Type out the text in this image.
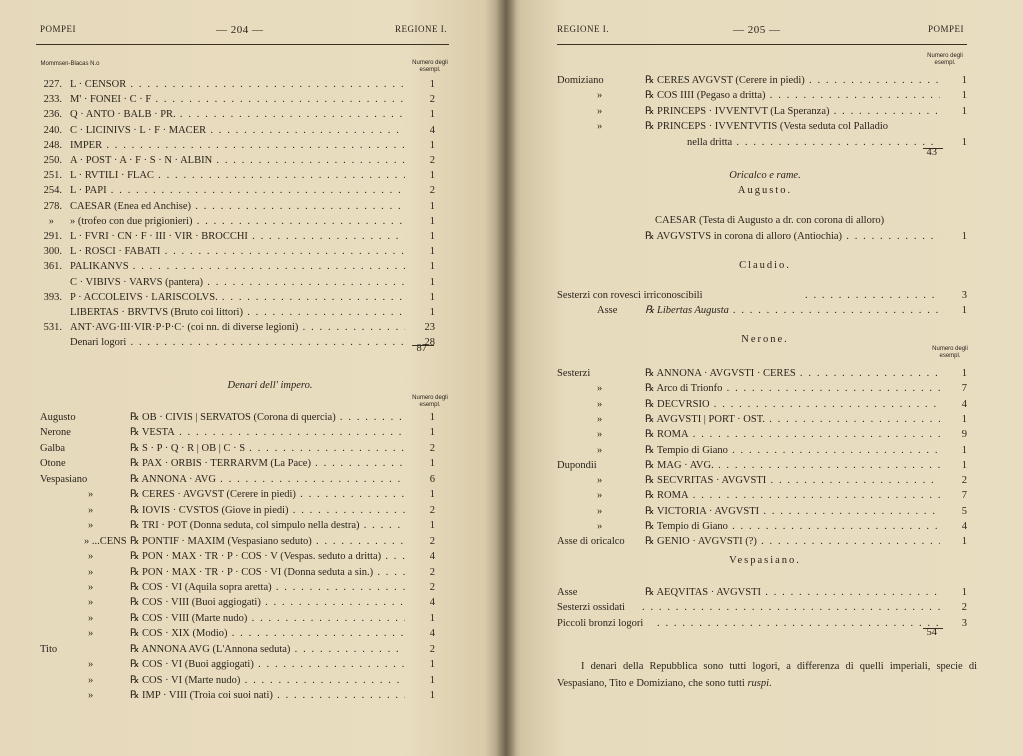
POMPEI	— 204 —	REGIONE I.
Mommsen-Blacas N.o	Numero degli esempl.
227. L · CENSOR . . .	1
233. M' · FONEI · C · F . . .	2
236. Q · ANTO · BALB · PR. . . .	1
240. C · LICINIVS · L · F · MACER . . .	4
248. IMPER . . .	1
250. A · POST · A · F · S · N · ALBIN . . .	2
251. L · RVTILI · FLAC . . .	1
254. L · PAPI . . .	2
278. CAESAR (Enea ed Anchise) . . .	1
» » (trofeo con due prigionieri) . . .	1
291. L · FVRI · CN · F · III · VIR · BROCCHI . . .	1
300. L · ROSCI · FABATI . . .	1
361. PALIKANVS . . .	1
C · VIBIVS · VARVS (pantera) . . .	1
393. P · ACCOLEIVS · LARISCOLVS. . . .	1
LIBERTAS · BRVTVS (Bruto coi littori) . . .	1
531. ANT·AVG·III·VIR·P·P·C· (coi nn. di diverse legioni) . . .	23
Denari logori . . .	28
87
Denari dell' impero.
Numero degli esempl.
Augusto	℞ OB · CIVIS | SERVATOS (Corona di quercia) . . .	1
Nerone	℞ VESTA . . .	1
Galba	℞ S · P · Q · R | OB | C · S . . .	2
Otone	℞ PAX · ORBIS · TERRARVM (La Pace) . . .	1
Vespasiano	℞ ANNONA · AVG . . .	6
»	℞ CERES · AVGVST (Cerere in piedi) . . .	1
»	℞ IOVIS · CVSTOS (Giove in piedi) . . .	2
»	℞ TRI · POT (Donna seduta, col simpulo nella destra) . . .	1
» ...CENS ℞ PONTIF · MAXIM (Vespasiano seduto) . . .	2
»	℞ PON · MAX · TR · P · COS · V (Vespas. seduto a dritta) . . .	4
»	℞ PON · MAX · TR · P · COS · VI (Donna seduta a sin.) . . .	2
»	℞ COS · VI (Aquila sopra aretta) . . .	2
»	℞ COS · VIII (Buoi aggiogati) . . .	4
»	℞ COS · VIII (Marte nudo) . . .	1
»	℞ COS · XIX (Modio) . . .	4
Tito	℞ ANNONA AVG (L'Annona seduta) . . .	2
»	℞ COS · VI (Buoi aggiogati) . . .	1
»	℞ COS · VI (Marte nudo) . . .	1
»	℞ IMP · VIII (Troia coi suoi nati) . . .	1
REGIONE I.	— 205 —	POMPEI
Numero degli esempl.
Domiziano	℞ CERES AVGVST (Cerere in piedi) . . .	1
»	℞ COS IIII (Pegaso a dritta) . . .	1
»	℞ PRINCEPS · IVVENTVT (La Speranza) . . .	1
»	℞ PRINCEPS · IVVENTVTIS (Vesta seduta col Palladio
nella dritta . . .	1
43
Oricalco e rame.
Augusto.
CAESAR (Testa di Augusto a dr. con corona di alloro)
℞ AVGVSTVS in corona di alloro (Antiochia) . . .	1
Claudio.
Sesterzi con rovesci irriconoscibili . . .	3
Asse	℞ Libertas Augusta . . .	1
Nerone.
Numero degli esempl.
Sesterzi	℞ ANNONA · AVGVSTI · CERES . . .	1
»	℞ Arco di Trionfo . . .	7
»	℞ DECVRSIO . . .	4
»	℞ AVGVSTI | PORT · OST. . . .	1
»	℞ ROMA . . .	9
»	℞ Tempio di Giano . . .	1
Dupondii	℞ MAG · AVG. . . .	1
»	℞ SECVRITAS · AVGVSTI . . .	2
»	℞ ROMA . . .	7
»	℞ VICTORIA · AVGVSTI . . .	5
»	℞ Tempio di Giano . . .	4
Asse di oricalco ℞ GENIO · AVGVSTI (?) . . .	1
Vespasiano.
Asse	℞ AEQVITAS · AVGVSTI . . .	1
Sesterzi ossidati . . .	2
Piccoli bronzi logori . . .	3
54
I denari della Repubblica sono tutti logori, a differenza di quelli imperiali, specie di Vespasiano, Tito e Domiziano, che sono tutti ruspi.
